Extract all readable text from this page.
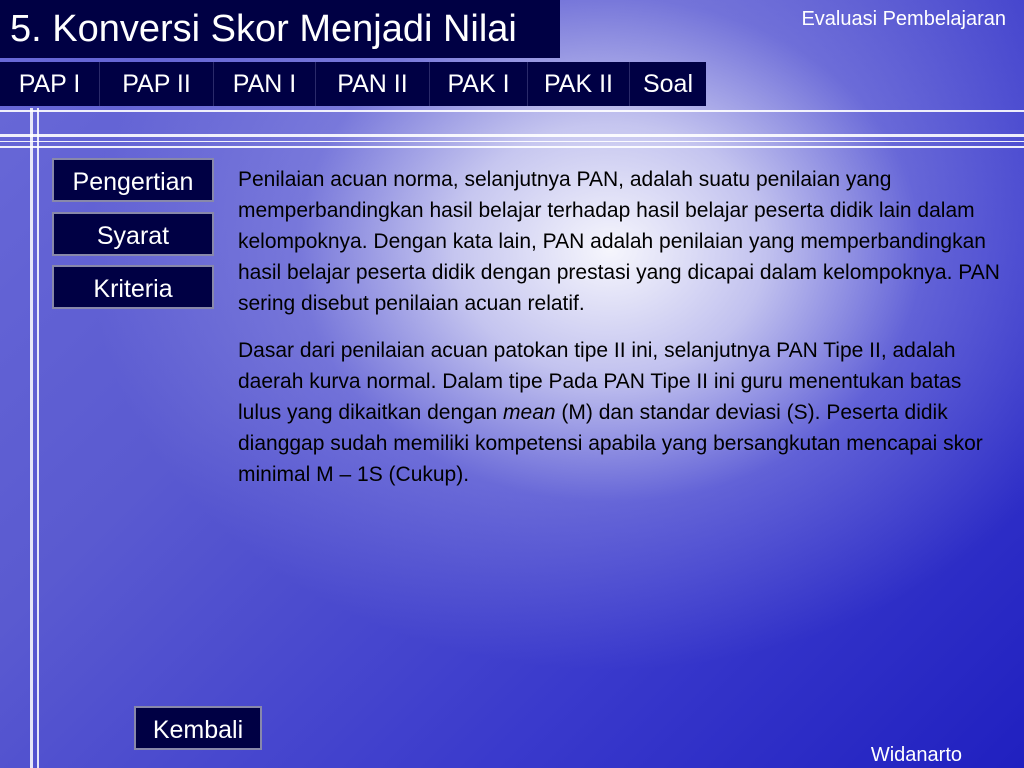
5. Konversi Skor Menjadi Nilai	Evaluasi Pembelajaran
PAP I	PAP II	PAN I	PAN II	PAK I	PAK II	Soal
Pengertian
Syarat
Kriteria

Penilaian acuan norma, selanjutnya PAN, adalah suatu penilaian yang memperbandingkan hasil belajar terhadap hasil belajar peserta didik lain dalam kelompoknya. Dengan kata lain, PAN adalah penilaian yang memperbandingkan hasil belajar peserta didik dengan prestasi yang dicapai dalam kelompoknya. PAN sering disebut penilaian acuan relatif.

Dasar dari penilaian acuan patokan tipe II ini, selanjutnya PAN Tipe II, adalah daerah kurva normal. Dalam tipe Pada PAN Tipe II ini guru menentukan batas lulus yang dikaitkan dengan mean (M) dan standar deviasi (S). Peserta didik dianggap sudah memiliki kompetensi apabila yang bersangkutan mencapai skor minimal M – 1S (Cukup).

Kembali
Widanarto
